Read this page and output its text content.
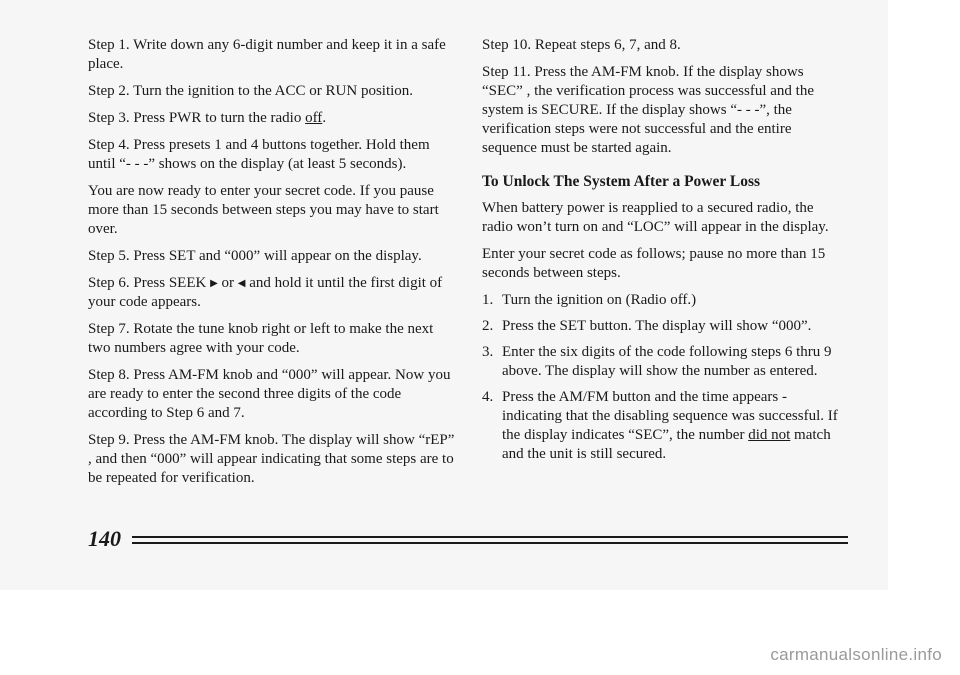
Step 1. Write down any 6-digit number and keep it in a safe place.

Step 2. Turn the ignition to the ACC or RUN position.

Step 3. Press PWR to turn the radio off.

Step 4. Press presets 1 and 4 buttons together. Hold them until “- - -” shows on the display (at least 5 seconds).

You are now ready to enter your secret code. If you pause more than 15 seconds between steps you may have to start over.

Step 5. Press SET and “000” will appear on the display.

Step 6. Press SEEK ▶ or ◀ and hold it until the first digit of your code appears.

Step 7. Rotate the tune knob right or left to make the next two numbers agree with your code.

Step 8. Press AM-FM knob and “000” will appear. Now you are ready to enter the second three digits of the code according to Step 6 and 7.

Step 9. Press the AM-FM knob. The display will show “rEP” , and then “000” will appear indicating that some steps are to be repeated for verification.

Step 10. Repeat steps 6, 7, and 8.

Step 11. Press the AM-FM knob. If the display shows “SEC” , the verification process was successful and the system is SECURE. If the display shows “- - -”, the verification steps were not successful and the entire sequence must be started again.

To Unlock The System After a Power Loss

When battery power is reapplied to a secured radio, the radio won’t turn on and “LOC” will appear in the display.

Enter your secret code as follows; pause no more than 15 seconds between steps.

1. Turn the ignition on (Radio off.)
2. Press the SET button. The display will show “000”.
3. Enter the six digits of the code following steps 6 thru 9 above. The display will show the number as entered.
4. Press the AM/FM button and the time appears - indicating that the disabling sequence was successful. If the display indicates “SEC”, the number did not match and the unit is still secured.
140
carmanualsonline.info
